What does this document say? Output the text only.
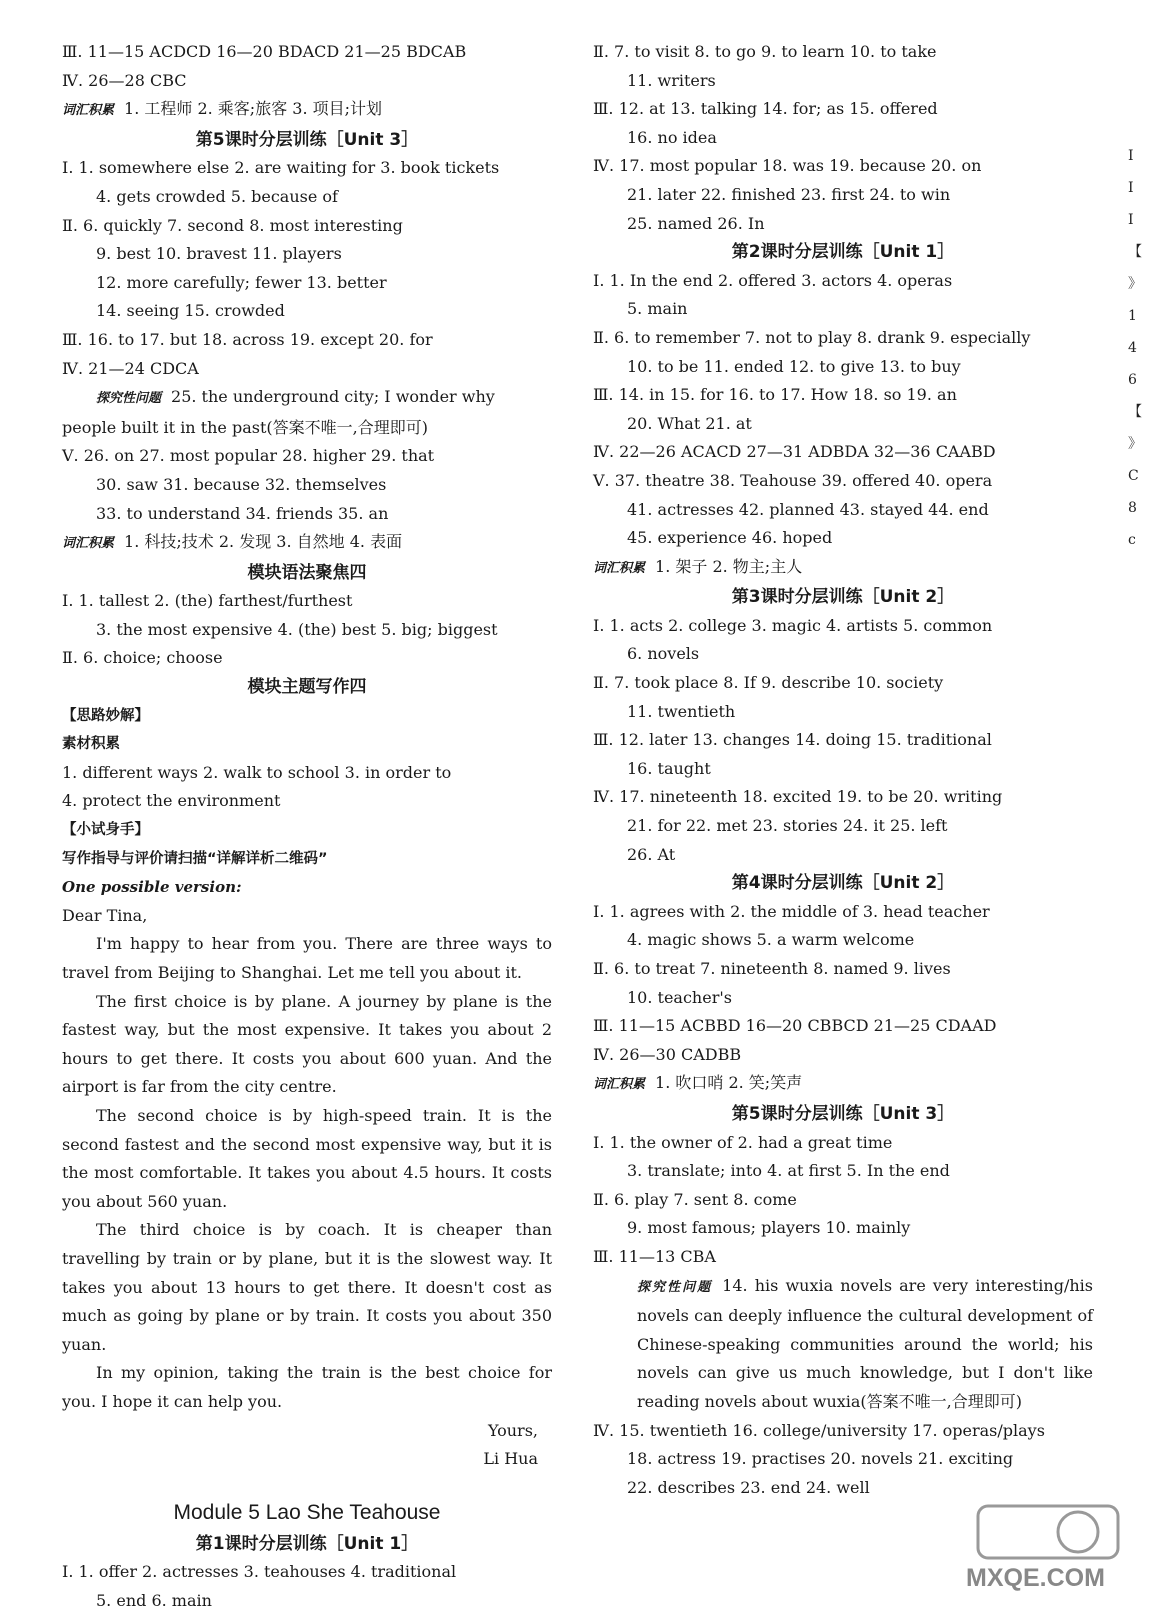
Ⅲ. 11—15 ACDCD 16—20 BDACD 21—25 BDCAB
Ⅳ. 26—28 CBC
词汇积累 1. 工程师 2. 乘客;旅客 3. 项目;计划
第5课时分层训练［Unit 3］
Ⅰ. 1. somewhere else 2. are waiting for 3. book tickets
4. gets crowded 5. because of
Ⅱ. 6. quickly 7. second 8. most interesting
9. best 10. bravest 11. players
12. more carefully; fewer 13. better
14. seeing 15. crowded
Ⅲ. 16. to 17. but 18. across 19. except 20. for
Ⅳ. 21—24 CDCA
探究性问题 25. the underground city; I wonder why
people built it in the past(答案不唯一,合理即可)
Ⅴ. 26. on 27. most popular 28. higher 29. that
30. saw 31. because 32. themselves
33. to understand 34. friends 35. an
词汇积累 1. 科技;技术 2. 发现 3. 自然地 4. 表面
模块语法聚焦四
Ⅰ. 1. tallest 2. (the) farthest/furthest
3. the most expensive 4. (the) best 5. big; biggest
Ⅱ. 6. choice; choose
模块主题写作四
【思路妙解】
素材积累
1. different ways 2. walk to school 3. in order to
4. protect the environment
【小试身手】
写作指导与评价请扫描“详解详析二维码”
One possible version:
Dear Tina,
I'm happy to hear from you. There are three ways to travel from Beijing to Shanghai. Let me tell you about it.
The first choice is by plane. A journey by plane is the fastest way, but the most expensive. It takes you about 2 hours to get there. It costs you about 600 yuan. And the airport is far from the city centre.
The second choice is by high-speed train. It is the second fastest and the second most expensive way, but it is the most comfortable. It takes you about 4.5 hours. It costs you about 560 yuan.
The third choice is by coach. It is cheaper than travelling by train or by plane, but it is the slowest way. It takes you about 13 hours to get there. It doesn't cost as much as going by plane or by train. It costs you about 350 yuan.
In my opinion, taking the train is the best choice for you. I hope it can help you.
Yours,
Li Hua
Module 5 Lao She Teahouse
第1课时分层训练［Unit 1］
Ⅰ. 1. offer 2. actresses 3. teahouses 4. traditional
5. end 6. main
Ⅱ. 7. to visit 8. to go 9. to learn 10. to take
11. writers
Ⅲ. 12. at 13. talking 14. for; as 15. offered
16. no idea
Ⅳ. 17. most popular 18. was 19. because 20. on
21. later 22. finished 23. first 24. to win
25. named 26. In
第2课时分层训练［Unit 1］
Ⅰ. 1. In the end 2. offered 3. actors 4. operas
5. main
Ⅱ. 6. to remember 7. not to play 8. drank 9. especially
10. to be 11. ended 12. to give 13. to buy
Ⅲ. 14. in 15. for 16. to 17. How 18. so 19. an
20. What 21. at
Ⅳ. 22—26 ACACD 27—31 ADBDA 32—36 CAABD
Ⅴ. 37. theatre 38. Teahouse 39. offered 40. opera
41. actresses 42. planned 43. stayed 44. end
45. experience 46. hoped
词汇积累 1. 架子 2. 物主;主人
第3课时分层训练［Unit 2］
Ⅰ. 1. acts 2. college 3. magic 4. artists 5. common
6. novels
Ⅱ. 7. took place 8. If 9. describe 10. society
11. twentieth
Ⅲ. 12. later 13. changes 14. doing 15. traditional
16. taught
Ⅳ. 17. nineteenth 18. excited 19. to be 20. writing
21. for 22. met 23. stories 24. it 25. left
26. At
第4课时分层训练［Unit 2］
Ⅰ. 1. agrees with 2. the middle of 3. head teacher
4. magic shows 5. a warm welcome
Ⅱ. 6. to treat 7. nineteenth 8. named 9. lives
10. teacher's
Ⅲ. 11—15 ACBBD 16—20 CBBCD 21—25 CDAAD
Ⅳ. 26—30 CADBB
词汇积累 1. 吹口哨 2. 笑;笑声
第5课时分层训练［Unit 3］
Ⅰ. 1. the owner of 2. had a great time
3. translate; into 4. at first 5. In the end
Ⅱ. 6. play 7. sent 8. come
9. most famous; players 10. mainly
Ⅲ. 11—13 CBA
探究性问题 14. his wuxia novels are very interesting/his novels can deeply influence the cultural development of Chinese-speaking communities around the world; his novels can give us much knowledge, but I don't like reading novels about wuxia(答案不唯一,合理即可)
Ⅳ. 15. twentieth 16. college/university 17. operas/plays
18. actress 19. practises 20. novels 21. exciting
22. describes 23. end 24. well
I
I
I
【
》
1
4
6
【
》
C
8
c
MXQE.COM
